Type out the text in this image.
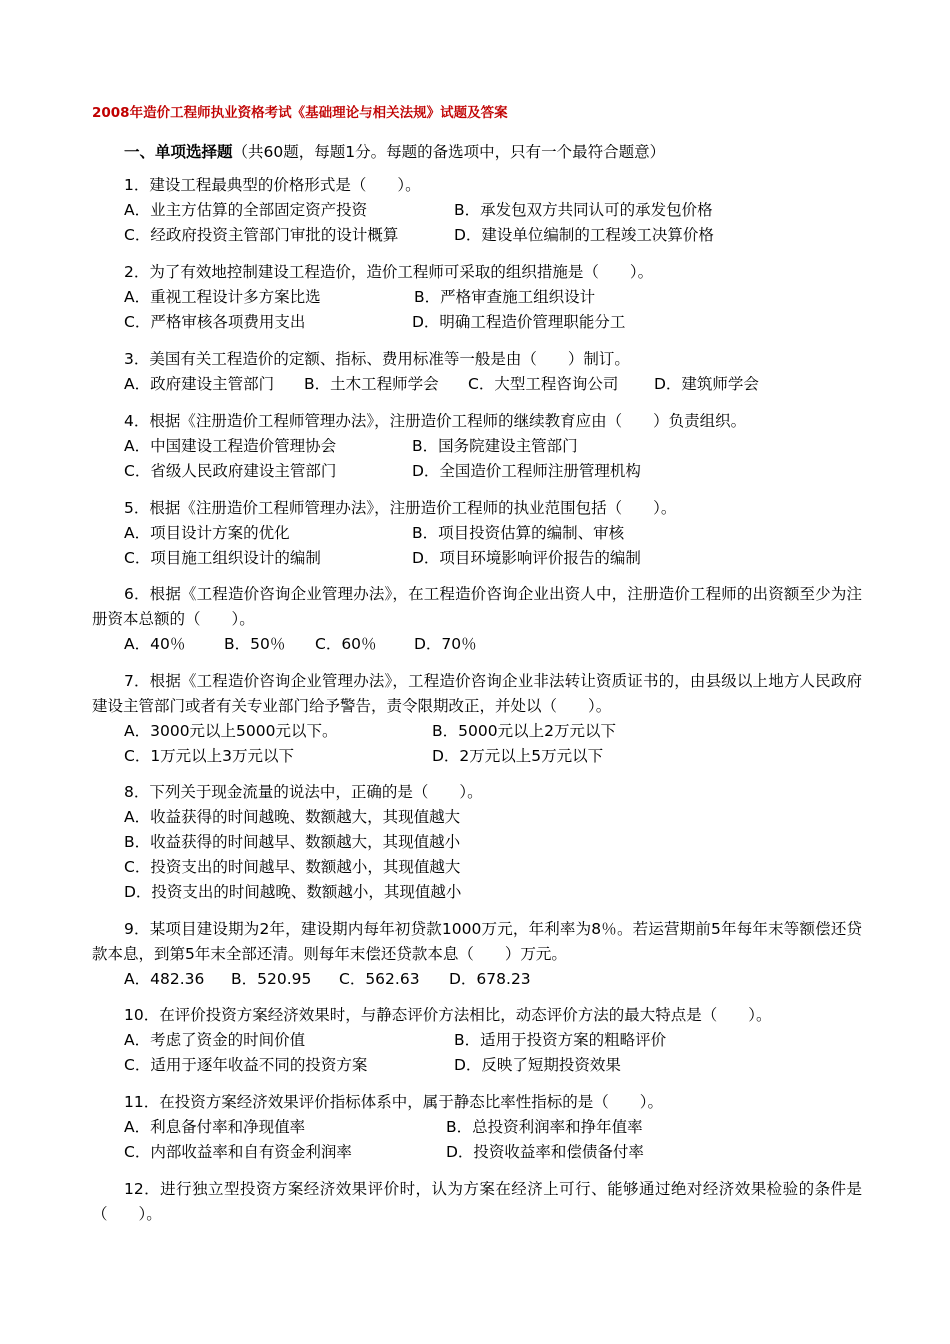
2008年造价工程师执业资格考试《基础理论与相关法规》试题及答案
一、单项选择题（共60题，每题1分。每题的备选项中，只有一个最符合题意）
1．建设工程最典型的价格形式是（　　）。
A．业主方估算的全部固定资产投资	B．承发包双方共同认可的承发包价格
C．经政府投资主管部门审批的设计概算	D．建设单位编制的工程竣工决算价格
2．为了有效地控制建设工程造价，造价工程师可采取的组织措施是（　　）。
A．重视工程设计多方案比选	B．严格审查施工组织设计
C．严格审核各项费用支出	D．明确工程造价管理职能分工
3．美国有关工程造价的定额、指标、费用标准等一般是由（　　）制订。
A．政府建设主管部门 B．土木工程师学会 C．大型工程咨询公司 D．建筑师学会
4．根据《注册造价工程师管理办法》，注册造价工程师的继续教育应由（　　）负责组织。
A．中国建设工程造价管理协会	B．国务院建设主管部门
C．省级人民政府建设主管部门	D．全国造价工程师注册管理机构
5．根据《注册造价工程师管理办法》，注册造价工程师的执业范围包括（　　）。
A．项目设计方案的优化	B．项目投资估算的编制、审核
C．项目施工组织设计的编制	D．项目环境影响评价报告的编制
6．根据《工程造价咨询企业管理办法》，在工程造价咨询企业出资人中，注册造价工程师的出资额至少为注册资本总额的（　　）。
A．40％ B．50％ C．60％ D．70％
7．根据《工程造价咨询企业管理办法》，工程造价咨询企业非法转让资质证书的，由县级以上地方人民政府建设主管部门或者有关专业部门给予警告，责令限期改正，并处以（　　）。
A．3000元以上5000元以下。	B．5000元以上2万元以下
C．1万元以上3万元以下	D．2万元以上5万元以下
8．下列关于现金流量的说法中，正确的是（　　）。
A．收益获得的时间越晚、数额越大，其现值越大
B．收益获得的时间越早、数额越大，其现值越小
C．投资支出的时间越早、数额越小，其现值越大
D．投资支出的时间越晚、数额越小，其现值越小
9．某项目建设期为2年，建设期内每年初贷款1000万元，年利率为8％。若运营期前5年每年末等额偿还贷款本息，到第5年末全部还清。则每年末偿还贷款本息（　　）万元。
A．482.36 B．520.95 C．562.63 D．678.23
10．在评价投资方案经济效果时，与静态评价方法相比，动态评价方法的最大特点是（　　）。
A．考虑了资金的时间价值	B．适用于投资方案的粗略评价
C．适用于逐年收益不同的投资方案	D．反映了短期投资效果
11．在投资方案经济效果评价指标体系中，属于静态比率性指标的是（　　）。
A．利息备付率和净现值率	B．总投资利润率和挣年值率
C．内部收益率和自有资金利润率	D．投资收益率和偿债备付率
12．进行独立型投资方案经济效果评价时，认为方案在经济上可行、能够通过绝对经济效果检验的条件是（　　）。
